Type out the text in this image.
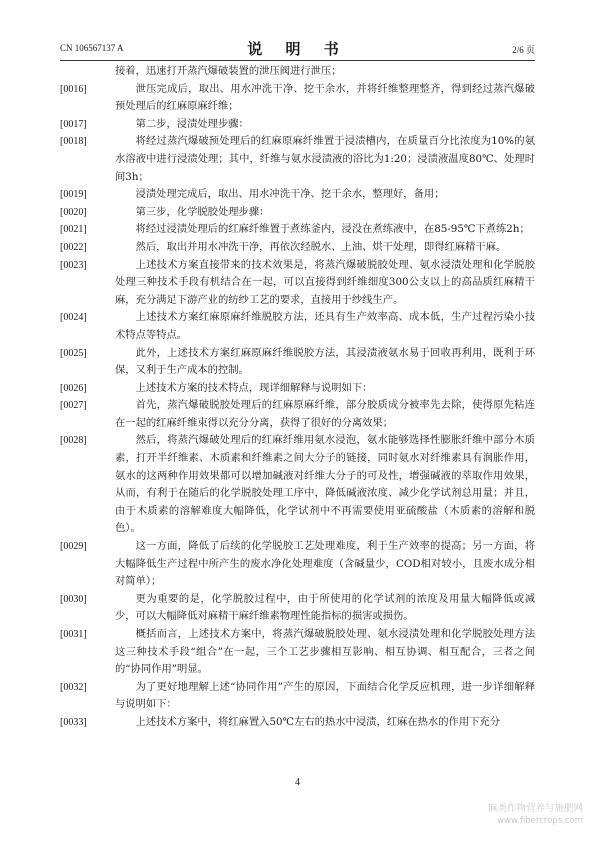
CN 106567137 A	说 明 书	2/6 页
接着，迅速打开蒸汽爆破装置的泄压阀进行泄压；
[0016]	泄压完成后，取出、用水冲洗干净、挖干余水，并将纤维整理整齐，得到经过蒸汽爆破预处理后的红麻原麻纤维；
[0017]	第二步，浸渍处理步骤：
[0018]	将经过蒸汽爆破预处理后的红麻原麻纤维置于浸渍槽内，在质量百分比浓度为10%的氨水溶液中进行浸渍处理；其中，纤维与氨水浸渍液的浴比为1:20；浸渍液温度80℃、处理时间3h；
[0019]	浸渍处理完成后，取出、用水冲洗干净、挖干余水，整理好，备用；
[0020]	第三步，化学脱胶处理步骤：
[0021]	将经过浸渍处理后的红麻纤维置于煮练釜内，浸没在煮练液中，在85-95℃下煮练2h；
[0022]	然后，取出并用水冲洗干净，再依次经脱水、上油、烘干处理，即得红麻精干麻。
[0023]	上述技术方案直接带来的技术效果是，将蒸汽爆破脱胶处理、氨水浸渍处理和化学脱胶处理三种技术手段有机结合在一起，可以直接得到纤维细度300公支以上的高品质红麻精干麻，充分满足下游产业的纺纱工艺的要求，直接用于纱线生产。
[0024]	上述技术方案红麻原麻纤维脱胶方法，还具有生产效率高、成本低，生产过程污染小技术特点等特点。
[0025]	此外，上述技术方案红麻原麻纤维脱胶方法，其浸渍液氨水易于回收再利用，既利于环保，又利于生产成本的控制。
[0026]	上述技术方案的技术特点，现详细解释与说明如下：
[0027]	首先，蒸汽爆破脱胶处理后的红麻原麻纤维，部分胶质成分被率先去除，使得原先粘连在一起的红麻纤维束得以充分分离，获得了很好的分离效果；
[0028]	然后，将蒸汽爆破处理后的红麻纤维用氨水浸泡，氨水能够选择性膨胀纤维中部分木质素，打开半纤维素、木质素和纤维素之间大分子的链接，同时氨水对纤维素具有润胀作用，氨水的这两种作用效果都可以增加碱液对纤维大分子的可及性，增强碱液的萃取作用效果，从而，有利于在随后的化学脱胶处理工序中，降低碱液浓度、减少化学试剂总用量；并且，由于木质素的溶解难度大幅降低，化学试剂中不再需要使用亚硫酸盐（木质素的溶解和脱色）。
[0029]	这一方面，降低了后续的化学脱胶工艺处理难度，利于生产效率的提高；另一方面，将大幅降低生产过程中所产生的废水净化处理难度（含碱量少，COD相对较小，且废水成分相对简单）；
[0030]	更为重要的是，化学脱胶过程中，由于所使用的化学试剂的浓度及用量大幅降低或减少，可以大幅降低对麻精干麻纤维素物理性能指标的损害或损伤。
[0031]	概括而言，上述技术方案中，将蒸汽爆破脱胶处理、氨水浸渍处理和化学脱胶处理方法这三种技术手段“组合”在一起，三个工艺步骤相互影响、相互协调、相互配合，三者之间的“协同作用”明显。
[0032]	为了更好地理解上述“协同作用”产生的原因，下面结合化学反应机理，进一步详细解释与说明如下：
[0033]	上述技术方案中，将红麻置入50℃左右的热水中浸渍，红麻在热水的作用下充分
4
麻类作物营养与施肥网
www.fibercrops.com
